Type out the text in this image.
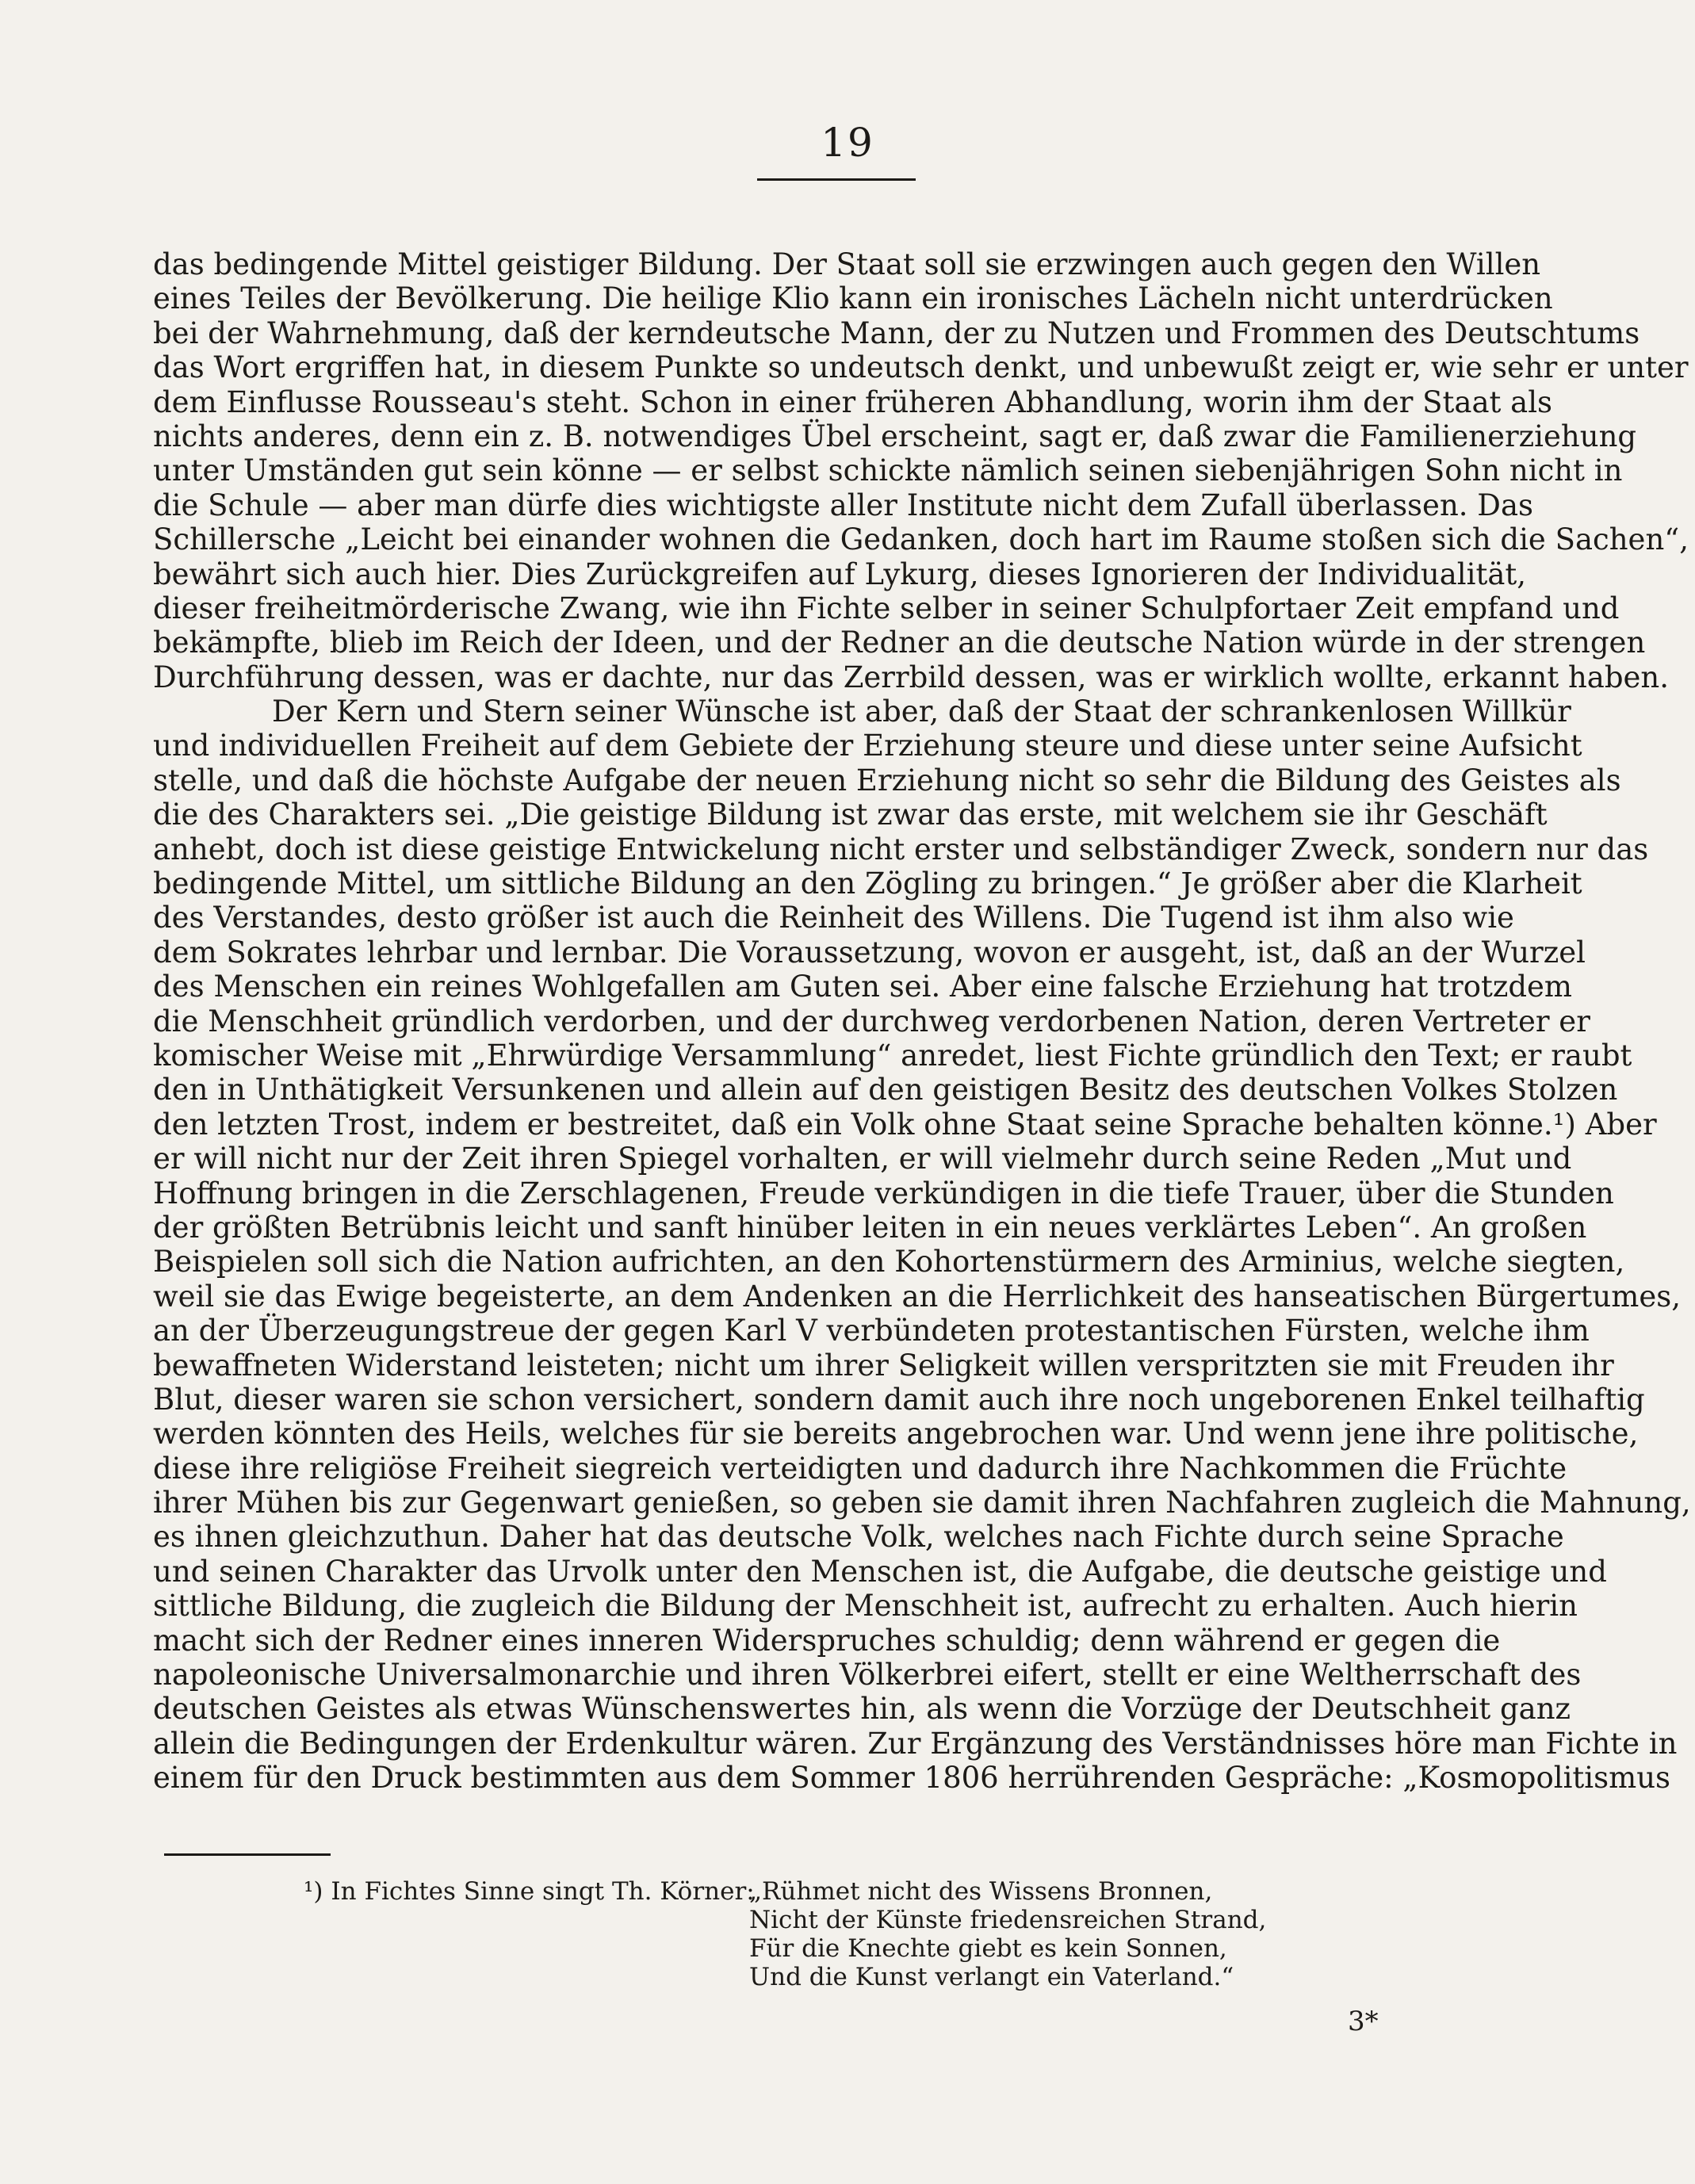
19
das bedingende Mittel geistiger Bildung. Der Staat soll sie erzwingen auch gegen den Willen
eines Teiles der Bevölkerung. Die heilige Klio kann ein ironisches Lächeln nicht unterdrücken
bei der Wahrnehmung, daß der kerndeutsche Mann, der zu Nutzen und Frommen des Deutschtums
das Wort ergriffen hat, in diesem Punkte so undeutsch denkt, und unbewußt zeigt er, wie sehr er unter
dem Einflusse Rousseau's steht. Schon in einer früheren Abhandlung, worin ihm der Staat als
nichts anderes, denn ein z. B. notwendiges Übel erscheint, sagt er, daß zwar die Familienerziehung
unter Umständen gut sein könne — er selbst schickte nämlich seinen siebenjährigen Sohn nicht in
die Schule — aber man dürfe dies wichtigste aller Institute nicht dem Zufall überlassen. Das
Schillersche „Leicht bei einander wohnen die Gedanken, doch hart im Raume stoßen sich die Sachen“,
bewährt sich auch hier. Dies Zurückgreifen auf Lykurg, dieses Ignorieren der Individualität,
dieser freiheitmörderische Zwang, wie ihn Fichte selber in seiner Schulpfortaer Zeit empfand und
bekämpfte, blieb im Reich der Ideen, und der Redner an die deutsche Nation würde in der strengen
Durchführung dessen, was er dachte, nur das Zerrbild dessen, was er wirklich wollte, erkannt haben.
Der Kern und Stern seiner Wünsche ist aber, daß der Staat der schrankenlosen Willkür
und individuellen Freiheit auf dem Gebiete der Erziehung steure und diese unter seine Aufsicht
stelle, und daß die höchste Aufgabe der neuen Erziehung nicht so sehr die Bildung des Geistes als
die des Charakters sei. „Die geistige Bildung ist zwar das erste, mit welchem sie ihr Geschäft
anhebt, doch ist diese geistige Entwickelung nicht erster und selbständiger Zweck, sondern nur das
bedingende Mittel, um sittliche Bildung an den Zögling zu bringen.“ Je größer aber die Klarheit
des Verstandes, desto größer ist auch die Reinheit des Willens. Die Tugend ist ihm also wie
dem Sokrates lehrbar und lernbar. Die Voraussetzung, wovon er ausgeht, ist, daß an der Wurzel
des Menschen ein reines Wohlgefallen am Guten sei. Aber eine falsche Erziehung hat trotzdem
die Menschheit gründlich verdorben, und der durchweg verdorbenen Nation, deren Vertreter er
komischer Weise mit „Ehrwürdige Versammlung“ anredet, liest Fichte gründlich den Text; er raubt
den in Unthätigkeit Versunkenen und allein auf den geistigen Besitz des deutschen Volkes Stolzen
den letzten Trost, indem er bestreitet, daß ein Volk ohne Staat seine Sprache behalten könne.¹) Aber
er will nicht nur der Zeit ihren Spiegel vorhalten, er will vielmehr durch seine Reden „Mut und
Hoffnung bringen in die Zerschlagenen, Freude verkündigen in die tiefe Trauer, über die Stunden
der größten Betrübnis leicht und sanft hinüber leiten in ein neues verklärtes Leben“. An großen
Beispielen soll sich die Nation aufrichten, an den Kohortenstürmern des Arminius, welche siegten,
weil sie das Ewige begeisterte, an dem Andenken an die Herrlichkeit des hanseatischen Bürgertumes,
an der Überzeugungstreue der gegen Karl V verbündeten protestantischen Fürsten, welche ihm
bewaffneten Widerstand leisteten; nicht um ihrer Seligkeit willen verspritzten sie mit Freuden ihr
Blut, dieser waren sie schon versichert, sondern damit auch ihre noch ungeborenen Enkel teilhaftig
werden könnten des Heils, welches für sie bereits angebrochen war. Und wenn jene ihre politische,
diese ihre religiöse Freiheit siegreich verteidigten und dadurch ihre Nachkommen die Früchte
ihrer Mühen bis zur Gegenwart genießen, so geben sie damit ihren Nachfahren zugleich die Mahnung,
es ihnen gleichzuthun. Daher hat das deutsche Volk, welches nach Fichte durch seine Sprache
und seinen Charakter das Urvolk unter den Menschen ist, die Aufgabe, die deutsche geistige und
sittliche Bildung, die zugleich die Bildung der Menschheit ist, aufrecht zu erhalten. Auch hierin
macht sich der Redner eines inneren Widerspruches schuldig; denn während er gegen die
napoleonische Universalmonarchie und ihren Völkerbrei eifert, stellt er eine Weltherrschaft des
deutschen Geistes als etwas Wünschenswertes hin, als wenn die Vorzüge der Deutschheit ganz
allein die Bedingungen der Erdenkultur wären. Zur Ergänzung des Verständnisses höre man Fichte in
einem für den Druck bestimmten aus dem Sommer 1806 herrührenden Gespräche: „Kosmopolitismus
¹) In Fichtes Sinne singt Th. Körner:
„Rühmet nicht des Wissens Bronnen,
Nicht der Künste friedensreichen Strand,
Für die Knechte giebt es kein Sonnen,
Und die Kunst verlangt ein Vaterland.“
3*
